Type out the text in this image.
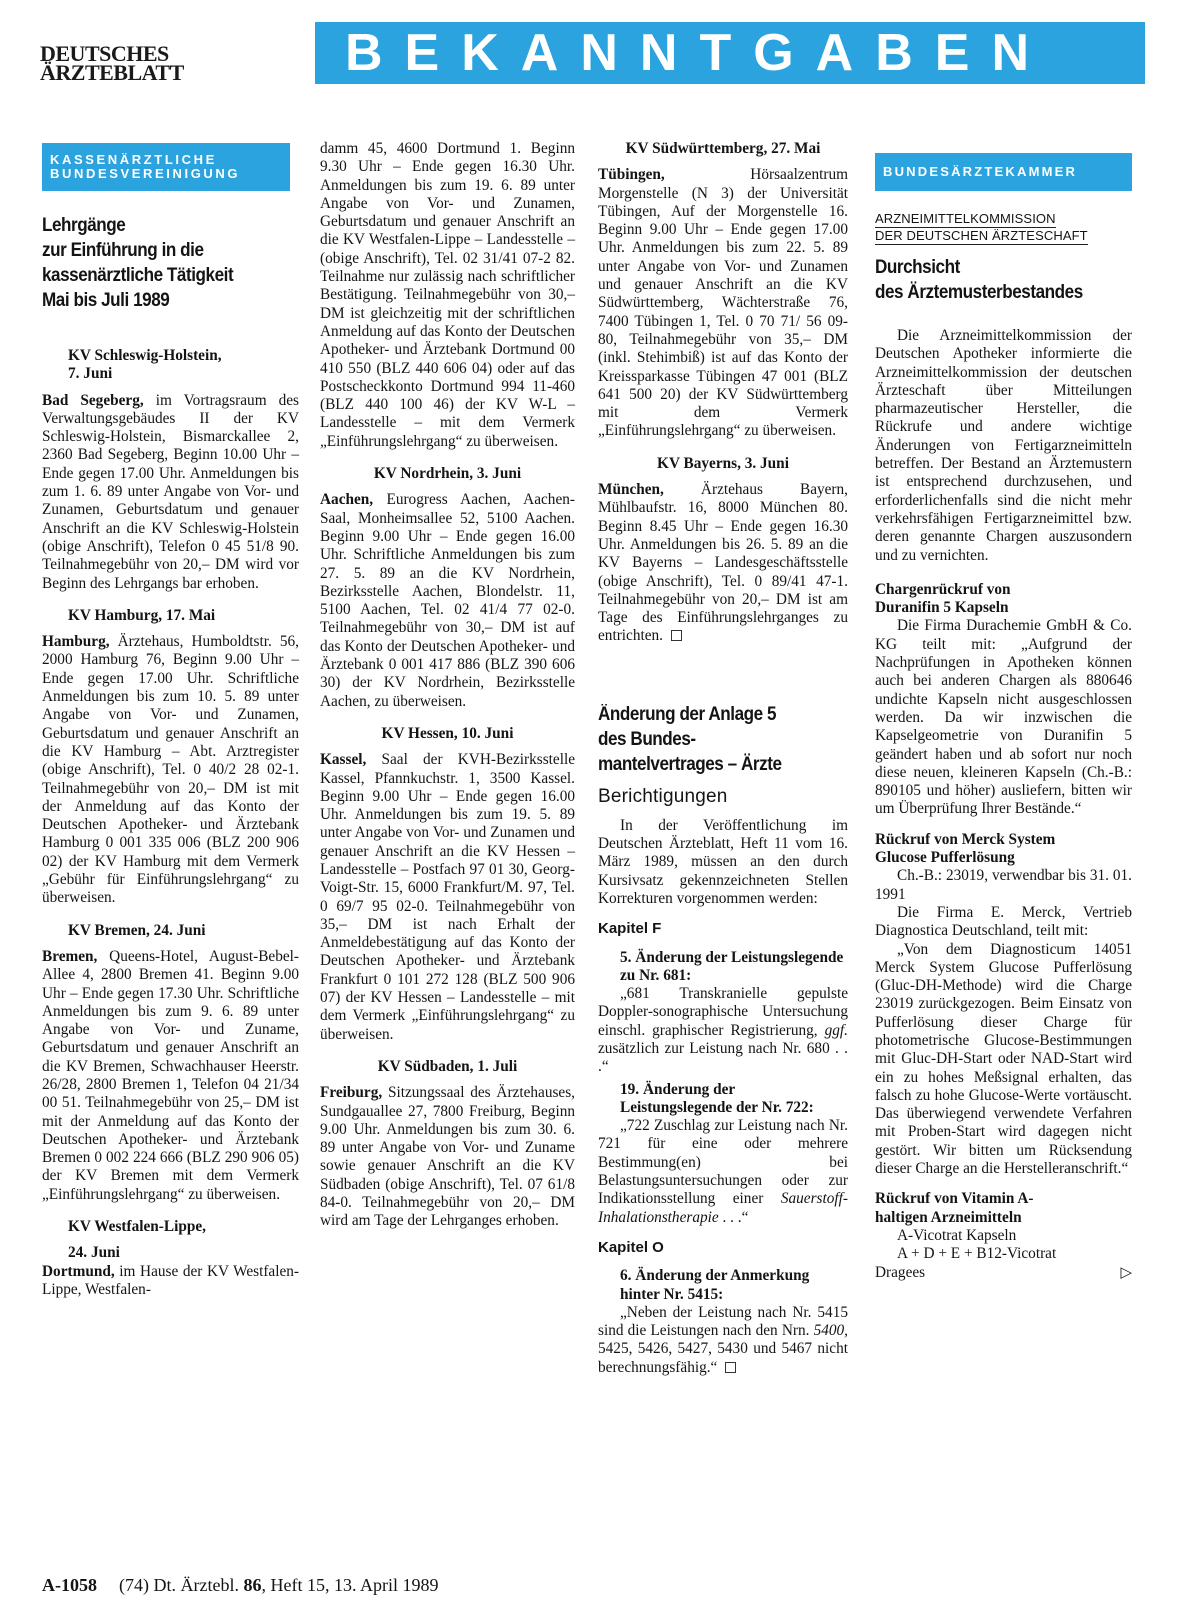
DEUTSCHES
ÄRZTEBLATT	BEKANNTGABEN
KASSENÄRZTLICHE
BUNDESVEREINIGUNG
Lehrgänge
zur Einführung in die
kassenärztliche Tätigkeit
Mai bis Juli 1989
KV Schleswig-Holstein,
7. Juni

Bad Segeberg, im Vortragsraum des Verwaltungsgebäudes II der KV Schleswig-Holstein, Bismarckallee 2, 2360 Bad Segeberg, Beginn 10.00 Uhr – Ende gegen 17.00 Uhr. Anmeldungen bis zum 1. 6. 89 unter Angabe von Vor- und Zunamen, Geburtsdatum und genauer Anschrift an die KV Schleswig-Holstein (obige Anschrift), Telefon 0 45 51/8 90. Teilnahmegebühr von 20,– DM wird vor Beginn des Lehrgangs bar erhoben.

KV Hamburg, 17. Mai

Hamburg, Ärztehaus, Humboldtstr. 56, 2000 Hamburg 76, Beginn 9.00 Uhr – Ende gegen 17.00 Uhr. Schriftliche Anmeldungen bis zum 10. 5. 89 unter Angabe von Vor- und Zunamen, Geburtsdatum und genauer Anschrift an die KV Hamburg – Abt. Arztregister (obige Anschrift), Tel. 0 40/2 28 02-1. Teilnahmegebühr von 20,– DM ist mit der Anmeldung auf das Konto der Deutschen Apotheker- und Ärztebank Hamburg 0 001 335 006 (BLZ 200 906 02) der KV Hamburg mit dem Vermerk „Gebühr für Einführungslehrgang“ zu überweisen.

KV Bremen, 24. Juni

Bremen, Queens-Hotel, August-Bebel-Allee 4, 2800 Bremen 41. Beginn 9.00 Uhr – Ende gegen 17.30 Uhr. Schriftliche Anmeldungen bis zum 9. 6. 89 unter Angabe von Vor- und Zuname, Geburtsdatum und genauer Anschrift an die KV Bremen, Schwachhauser Heerstr. 26/28, 2800 Bremen 1, Telefon 04 21/34 00 51. Teilnahmegebühr von 25,– DM ist mit der Anmeldung auf das Konto der Deutschen Apotheker- und Ärztebank Bremen 0 002 224 666 (BLZ 290 906 05) der KV Bremen mit dem Vermerk „Einführungslehrgang“ zu überweisen.

KV Westfalen-Lippe,
24. Juni

Dortmund, im Hause der KV Westfalen-Lippe, Westfalen-

damm 45, 4600 Dortmund 1. Beginn 9.30 Uhr – Ende gegen 16.30 Uhr. Anmeldungen bis zum 19. 6. 89 unter Angabe von Vor- und Zunamen, Geburtsdatum und genauer Anschrift an die KV Westfalen-Lippe – Landesstelle – (obige Anschrift), Tel. 02 31/41 07-2 82. Teilnahme nur zulässig nach schriftlicher Bestätigung. Teilnahmegebühr von 30,– DM ist gleichzeitig mit der schriftlichen Anmeldung auf das Konto der Deutschen Apotheker- und Ärztebank Dortmund 00 410 550 (BLZ 440 606 04) oder auf das Postscheckkonto Dortmund 994 11-460 (BLZ 440 100 46) der KV W-L – Landesstelle – mit dem Vermerk „Einführungslehrgang“ zu überweisen.

KV Nordrhein, 3. Juni

Aachen, Eurogress Aachen, Aachen-Saal, Monheimsallee 52, 5100 Aachen. Beginn 9.00 Uhr – Ende gegen 16.00 Uhr. Schriftliche Anmeldungen bis zum 27. 5. 89 an die KV Nordrhein, Bezirksstelle Aachen, Blondelstr. 11, 5100 Aachen, Tel. 02 41/4 77 02-0. Teilnahmegebühr von 30,– DM ist auf das Konto der Deutschen Apotheker- und Ärztebank 0 001 417 886 (BLZ 390 606 30) der KV Nordrhein, Bezirksstelle Aachen, zu überweisen.

KV Hessen, 10. Juni

Kassel, Saal der KVH-Bezirksstelle Kassel, Pfannkuchstr. 1, 3500 Kassel. Beginn 9.00 Uhr – Ende gegen 16.00 Uhr. Anmeldungen bis zum 19. 5. 89 unter Angabe von Vor- und Zunamen und genauer Anschrift an die KV Hessen – Landesstelle – Postfach 97 01 30, Georg-Voigt-Str. 15, 6000 Frankfurt/M. 97, Tel. 0 69/7 95 02-0. Teilnahmegebühr von 35,– DM ist nach Erhalt der Anmeldebestätigung auf das Konto der Deutschen Apotheker- und Ärztebank Frankfurt 0 101 272 128 (BLZ 500 906 07) der KV Hessen – Landesstelle – mit dem Vermerk „Einführungslehrgang“ zu überweisen.

KV Südbaden, 1. Juli

Freiburg, Sitzungssaal des Ärztehauses, Sundgauallee 27, 7800 Freiburg, Beginn 9.00 Uhr. Anmeldungen bis zum 30. 6. 89 unter Angabe von Vor- und Zuname sowie genauer Anschrift an die KV Südbaden (obige Anschrift), Tel. 07 61/8 84-0. Teilnahmegebühr von 20,– DM wird am Tage der Lehrganges erhoben.

KV Südwürttemberg, 27. Mai

Tübingen, Hörsaalzentrum Morgenstelle (N 3) der Universität Tübingen, Auf der Morgenstelle 16. Beginn 9.00 Uhr – Ende gegen 17.00 Uhr. Anmeldungen bis zum 22. 5. 89 unter Angabe von Vor- und Zunamen und genauer Anschrift an die KV Südwürttemberg, Wächterstraße 76, 7400 Tübingen 1, Tel. 0 70 71/ 56 09-80, Teilnahmegebühr von 35,– DM (inkl. Stehimbiß) ist auf das Konto der Kreissparkasse Tübingen 47 001 (BLZ 641 500 20) der KV Südwürttemberg mit dem Vermerk „Einführungslehrgang“ zu überweisen.

KV Bayerns, 3. Juni

München, Ärztehaus Bayern, Mühlbaufstr. 16, 8000 München 80. Beginn 8.45 Uhr – Ende gegen 16.30 Uhr. Anmeldungen bis 26. 5. 89 an die KV Bayerns – Landesgeschäftsstelle (obige Anschrift), Tel. 0 89/41 47-1. Teilnahmegebühr von 20,– DM ist am Tage des Einführungslehrganges zu entrichten.

Änderung der Anlage 5
des Bundes-
mantelvertrages – Ärzte
Berichtigungen

In der Veröffentlichung im Deutschen Ärzteblatt, Heft 11 vom 16. März 1989, müssen an den durch Kursivsatz gekennzeichneten Stellen Korrekturen vorgenommen werden:

Kapitel F

5. Änderung der Leistungslegende zu Nr. 681:

„681 Transkranielle gepulste Doppler-sonographische Untersuchung einschl. graphischer Registrierung, ggf. zusätzlich zur Leistung nach Nr. 680 . . .“

19. Änderung der Leistungslegende der Nr. 722:

„722 Zuschlag zur Leistung nach Nr. 721 für eine oder mehrere Bestimmung(en) bei Belastungsuntersuchungen oder zur Indikationsstellung einer Sauerstoff-Inhalationstherapie . . .“

Kapitel O

6. Änderung der Anmerkung hinter Nr. 5415:

„Neben der Leistung nach Nr. 5415 sind die Leistungen nach den Nrn. 5400, 5425, 5426, 5427, 5430 und 5467 nicht berechnungsfähig.“

BUNDESÄRZTEKAMMER
ARZNEIMITTELKOMMISSION
DER DEUTSCHEN ÄRZTESCHAFT
Durchsicht
des Ärztemusterbestandes

Die Arzneimittelkommission der Deutschen Apotheker informierte die Arzneimittelkommission der deutschen Ärzteschaft über Mitteilungen pharmazeutischer Hersteller, die Rückrufe und andere wichtige Änderungen von Fertigarzneimitteln betreffen. Der Bestand an Ärztemustern ist entsprechend durchzusehen, und erforderlichenfalls sind die nicht mehr verkehrsfähigen Fertigarzneimittel bzw. deren genannte Chargen auszusondern und zu vernichten.

Chargenrückruf von
Duranifin 5 Kapseln

Die Firma Durachemie GmbH & Co. KG teilt mit: „Aufgrund der Nachprüfungen in Apotheken können auch bei anderen Chargen als 880646 undichte Kapseln nicht ausgeschlossen werden. Da wir inzwischen die Kapselgeometrie von Duranifin 5 geändert haben und ab sofort nur noch diese neuen, kleineren Kapseln (Ch.-B.: 890105 und höher) ausliefern, bitten wir um Überprüfung Ihrer Bestände.“

Rückruf von Merck System
Glucose Pufferlösung

Ch.-B.: 23019, verwendbar bis 31. 01. 1991

Die Firma E. Merck, Vertrieb Diagnostica Deutschland, teilt mit:

„Von dem Diagnosticum 14051 Merck System Glucose Pufferlösung (Gluc-DH-Methode) wird die Charge 23019 zurückgezogen. Beim Einsatz von Pufferlösung dieser Charge für photometrische Glucose-Bestimmungen mit Gluc-DH-Start oder NAD-Start wird ein zu hohes Meßsignal erhalten, das falsch zu hohe Glucose-Werte vortäuscht. Das überwiegend verwendete Verfahren mit Proben-Start wird dagegen nicht gestört. Wir bitten um Rücksendung dieser Charge an die Herstelleranschrift.“

Rückruf von Vitamin A-
haltigen Arzneimitteln

A-Vicotrat Kapseln

A + D + E + B12-Vicotrat

Dragees	▷

A-1058 (74) Dt. Ärztebl. 86, Heft 15, 13. April 1989
